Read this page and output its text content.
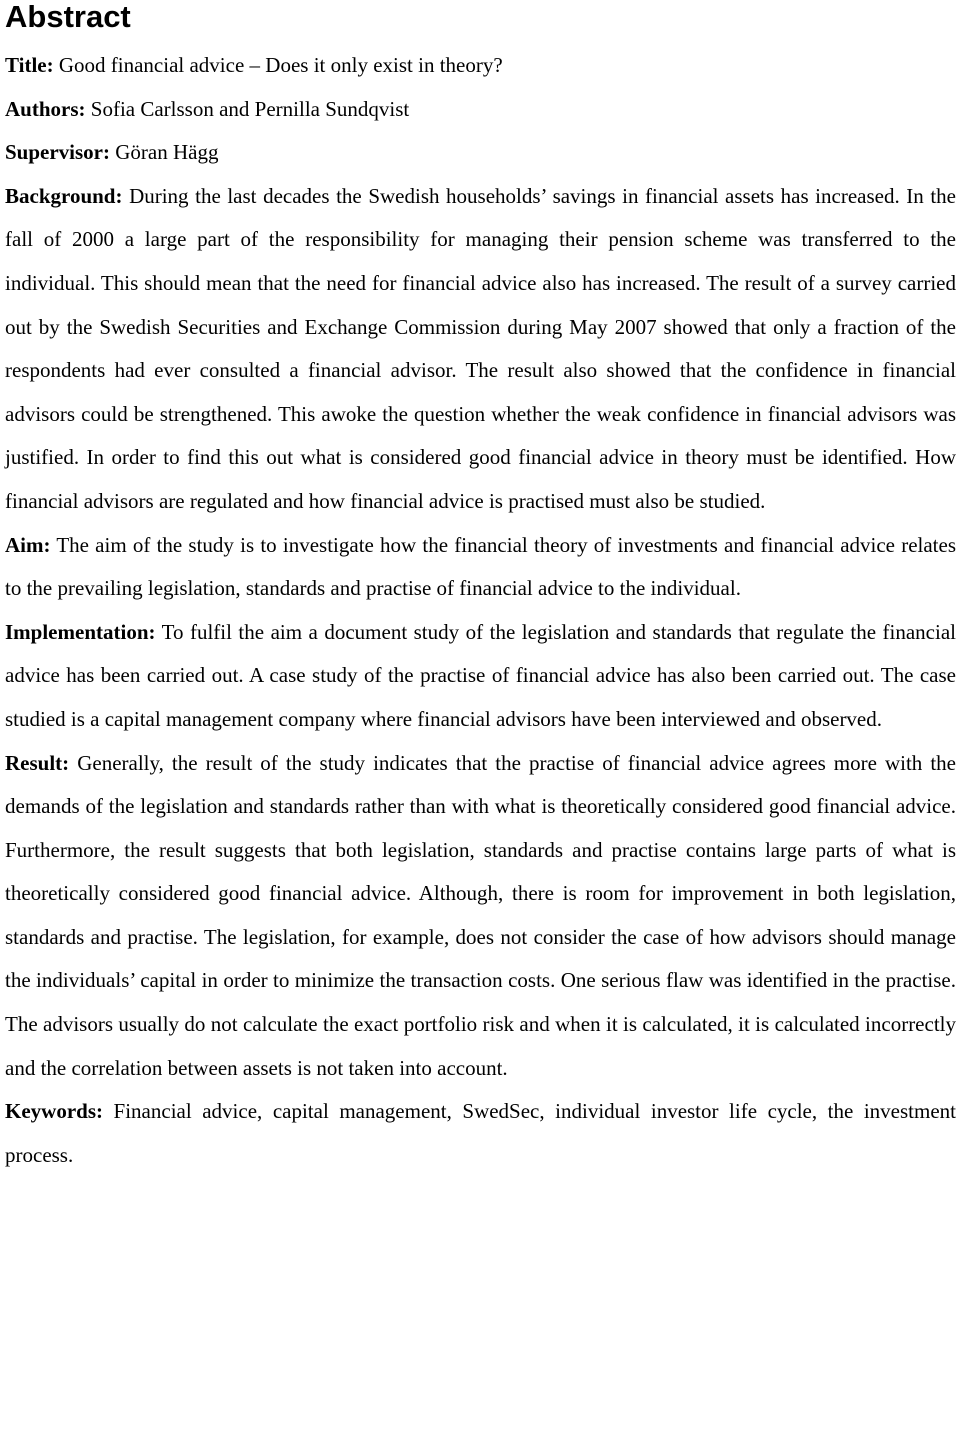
Abstract

Title: Good financial advice – Does it only exist in theory?

Authors: Sofia Carlsson and Pernilla Sundqvist

Supervisor: Göran Hägg

Background: During the last decades the Swedish households’ savings in financial assets has increased. In the fall of 2000 a large part of the responsibility for managing their pension scheme was transferred to the individual. This should mean that the need for financial advice also has increased. The result of a survey carried out by the Swedish Securities and Exchange Commission during May 2007 showed that only a fraction of the respondents had ever consulted a financial advisor. The result also showed that the confidence in financial advisors could be strengthened. This awoke the question whether the weak confidence in financial advisors was justified. In order to find this out what is considered good financial advice in theory must be identified. How financial advisors are regulated and how financial advice is practised must also be studied.

Aim: The aim of the study is to investigate how the financial theory of investments and financial advice relates to the prevailing legislation, standards and practise of financial advice to the individual.

Implementation: To fulfil the aim a document study of the legislation and standards that regulate the financial advice has been carried out. A case study of the practise of financial advice has also been carried out. The case studied is a capital management company where financial advisors have been interviewed and observed.

Result: Generally, the result of the study indicates that the practise of financial advice agrees more with the demands of the legislation and standards rather than with what is theoretically considered good financial advice. Furthermore, the result suggests that both legislation, standards and practise contains large parts of what is theoretically considered good financial advice. Although, there is room for improvement in both legislation, standards and practise. The legislation, for example, does not consider the case of how advisors should manage the individuals’ capital in order to minimize the transaction costs. One serious flaw was identified in the practise. The advisors usually do not calculate the exact portfolio risk and when it is calculated, it is calculated incorrectly and the correlation between assets is not taken into account.

Keywords: Financial advice, capital management, SwedSec, individual investor life cycle, the investment process.
